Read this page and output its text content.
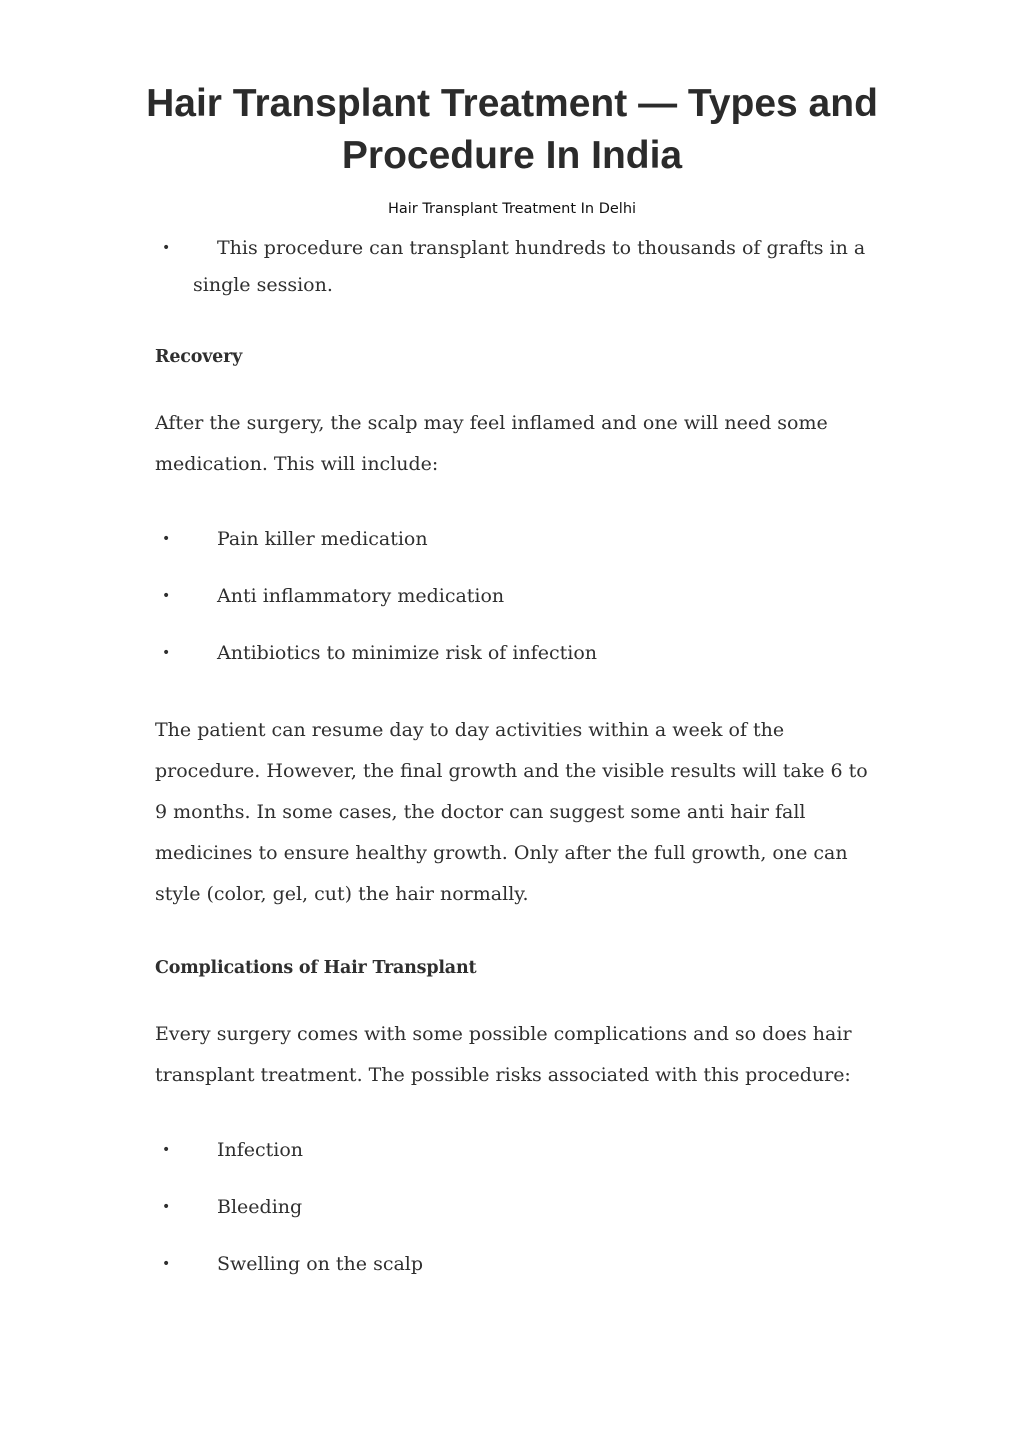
Hair Transplant Treatment — Types and Procedure In India
Hair Transplant Treatment In Delhi
• This procedure can transplant hundreds to thousands of grafts in a
single session.
Recovery
After the surgery, the scalp may feel inflamed and one will need some medication. This will include:
• Pain killer medication
• Anti inflammatory medication
• Antibiotics to minimize risk of infection
The patient can resume day to day activities within a week of the procedure. However, the final growth and the visible results will take 6 to 9 months. In some cases, the doctor can suggest some anti hair fall medicines to ensure healthy growth. Only after the full growth, one can style (color, gel, cut) the hair normally.
Complications of Hair Transplant
Every surgery comes with some possible complications and so does hair transplant treatment. The possible risks associated with this procedure:
• Infection
• Bleeding
• Swelling on the scalp
